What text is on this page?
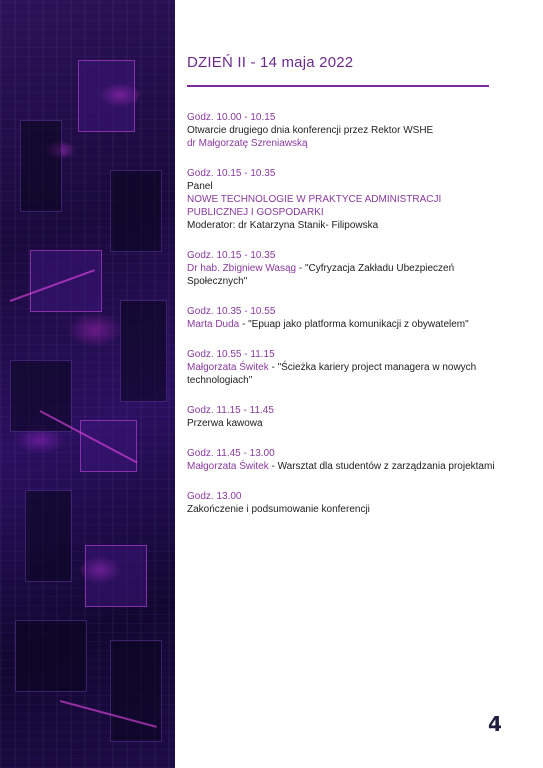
DZIEŃ II - 14 maja 2022
Godz. 10.00 - 10.15
Otwarcie drugiego dnia konferencji przez Rektor WSHE
dr Małgorzatę Szreniawską
Godz. 10.15 - 10.35
Panel
NOWE TECHNOLOGIE W PRAKTYCE ADMINISTRACJI PUBLICZNEJ I GOSPODARKI
Moderator: dr Katarzyna Stanik- Filipowska
Godz. 10.15 - 10.35
Dr hab. Zbigniew Wasąg - "Cyfryzacja Zakładu Ubezpieczeń Społecznych"
Godz. 10.35 - 10.55
Marta Duda - "Epuap jako platforma komunikacji z obywatelem"
Godz. 10.55 - 11.15
Małgorzata Świtek - "Ścieżka kariery project managera w nowych technologiach"
Godz. 11.15 - 11.45
Przerwa kawowa
Godz. 11.45 - 13.00
Małgorzata Świtek - Warsztat dla studentów z zarządzania projektami
Godz. 13.00
Zakończenie i podsumowanie konferencji
4
